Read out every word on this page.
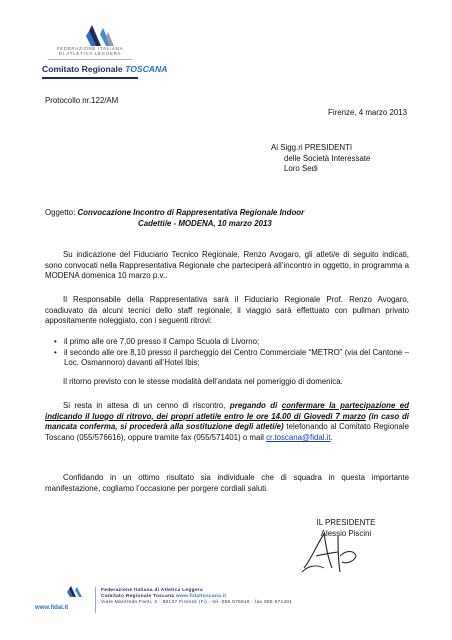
FEDERAZIONE ITALIANA
DI ATLETICA LEGGERA
Comitato Regionale TOSCANA
Protocollo nr.122/AM
Firenze, 4 marzo 2013
Ai Sigg.ri PRESIDENTI
delle Società Interessate
Loro Sedi
Oggetto: Convocazione Incontro di Rappresentativa Regionale Indoor
Cadetti/e - MODENA, 10 marzo 2013
Su indicazione del Fiduciario Tecnico Regionale, Renzo Avogaro, gli atleti/e di seguito indicati, sono convocati nella Rappresentativa Regionale che parteciperà all’incontro in oggetto, in programma a MODENA domenica 10 marzo p.v..
Il Responsabile della Rappresentativa sarà il Fiduciario Regionale Prof. Renzo Avogaro, coadiuvato da alcuni tecnici dello staff regionale; il viaggio sarà effettuato con pullman privato appositamente noleggiato, con i seguenti ritrovi:
• il primo alle ore 7,00 presso il Campo Scuola di Livorno;
• il secondo alle ore 8,10 presso il parcheggio del Centro Commerciale “METRO” (via del Cantone – Loc. Osmannoro) davanti all’Hotel Ibis;
Il ritorno previsto con le stesse modalità dell’andata nel pomeriggio di domenica.
Si resta in attesa di un cenno di riscontro, pregando di confermare la partecipazione ed indicando il luogo di ritrovo, dei propri atleti/e entro le ore 14.00 di Giovedì 7 marzo (in caso di mancata conferma, si procederà alla sostituzione degli atleti/e) telefonando al Comitato Regionale Toscano (055/576616), oppure tramite fax (055/571401) o mail cr.toscana@fidal.it.
Confidando in un ottimo risultato sia individuale che di squadra in questa importante manifestazione, cogliamo l’occasione per porgere cordiali saluti.
IL PRESIDENTE
Alessio Piscini
www.fidal.it
Federazione Italiana di Atletica Leggera
Comitato Regionale Toscana www.fidaltoscana.it
Viale Manfredo Fanti, 2 · 50137 Firenze (Fi) · tel. 055 576616 · fax 055 571401
